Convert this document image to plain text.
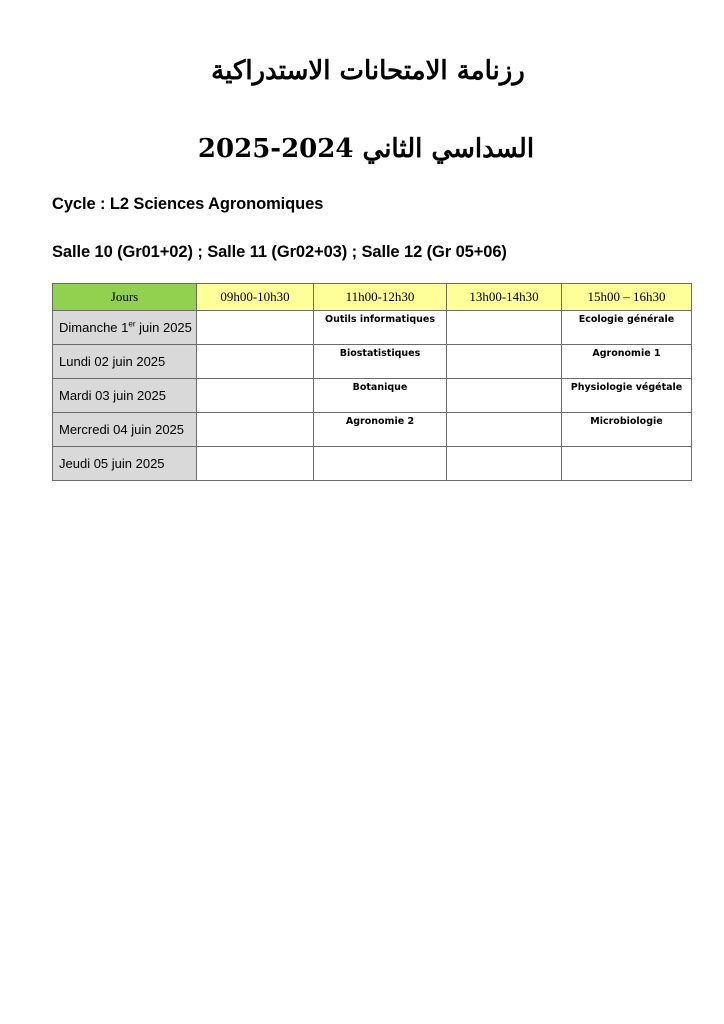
رزنامة الامتحانات الاستدراكية
السداسي الثاني 2024-2025
Cycle : L2 Sciences Agronomiques
Salle 10 (Gr01+02) ; Salle 11 (Gr02+03) ; Salle 12 (Gr 05+06)
Jours	09h00-10h30	11h00-12h30	13h00-14h30	15h00 – 16h30
Dimanche 1er juin 2025		Outils informatiques		Ecologie générale
Lundi 02 juin 2025		Biostatistiques		Agronomie 1
Mardi 03 juin 2025		Botanique		Physiologie végétale
Mercredi 04 juin 2025		Agronomie 2		Microbiologie
Jeudi 05 juin 2025				
